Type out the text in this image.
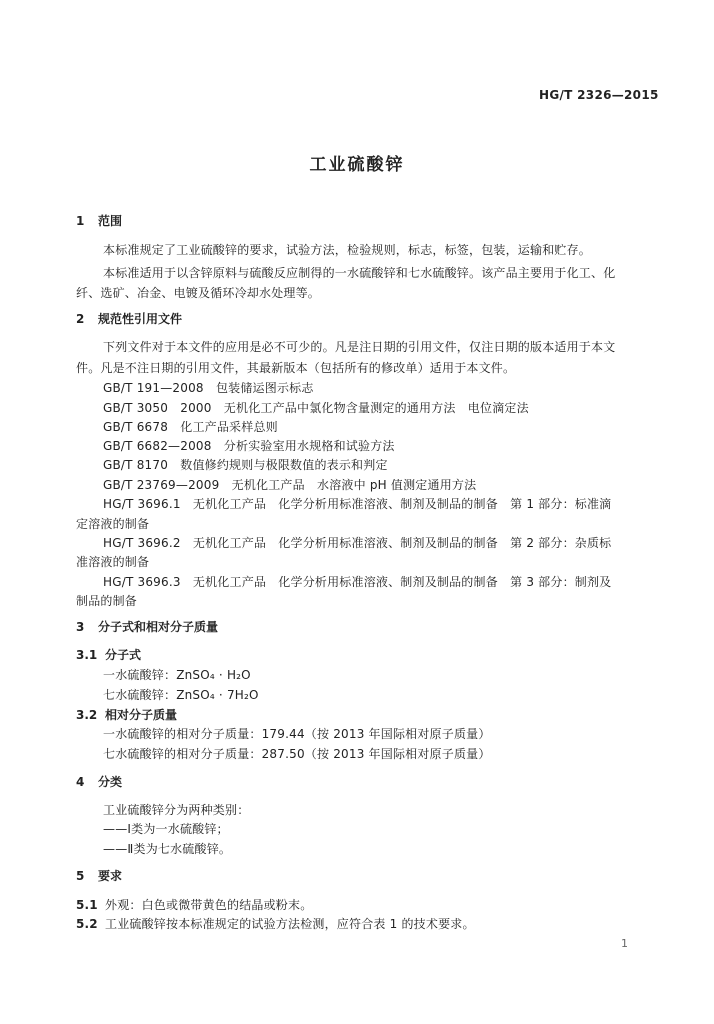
HG/T 2326—2015
工业硫酸锌
1 范围
本标准规定了工业硫酸锌的要求，试验方法，检验规则，标志，标签，包装，运输和贮存。
本标准适用于以含锌原料与硫酸反应制得的一水硫酸锌和七水硫酸锌。该产品主要用于化工、化
纤、选矿、冶金、电镀及循环冷却水处理等。
2 规范性引用文件
下列文件对于本文件的应用是必不可少的。凡是注日期的引用文件，仅注日期的版本适用于本文
件。凡是不注日期的引用文件，其最新版本（包括所有的修改单）适用于本文件。
GB/T 191—2008　包装储运图示标志
GB/T 3050　2000　无机化工产品中氯化物含量测定的通用方法　电位滴定法
GB/T 6678　化工产品采样总则
GB/T 6682—2008　分析实验室用水规格和试验方法
GB/T 8170　数值修约规则与极限数值的表示和判定
GB/T 23769—2009　无机化工产品　水溶液中 pH 值测定通用方法
HG/T 3696.1　无机化工产品　化学分析用标准溶液、制剂及制品的制备　第 1 部分：标准滴
定溶液的制备
HG/T 3696.2　无机化工产品　化学分析用标准溶液、制剂及制品的制备　第 2 部分：杂质标
准溶液的制备
HG/T 3696.3　无机化工产品　化学分析用标准溶液、制剂及制品的制备　第 3 部分：制剂及
制品的制备
3 分子式和相对分子质量
3.1 分子式
一水硫酸锌：ZnSO₄ · H₂O
七水硫酸锌：ZnSO₄ · 7H₂O
3.2 相对分子质量
一水硫酸锌的相对分子质量：179.44（按 2013 年国际相对原子质量）
七水硫酸锌的相对分子质量：287.50（按 2013 年国际相对原子质量）
4 分类
工业硫酸锌分为两种类别：
——Ⅰ类为一水硫酸锌；
——Ⅱ类为七水硫酸锌。
5 要求
5.1 外观：白色或微带黄色的结晶或粉末。
5.2 工业硫酸锌按本标准规定的试验方法检测，应符合表 1 的技术要求。
1
